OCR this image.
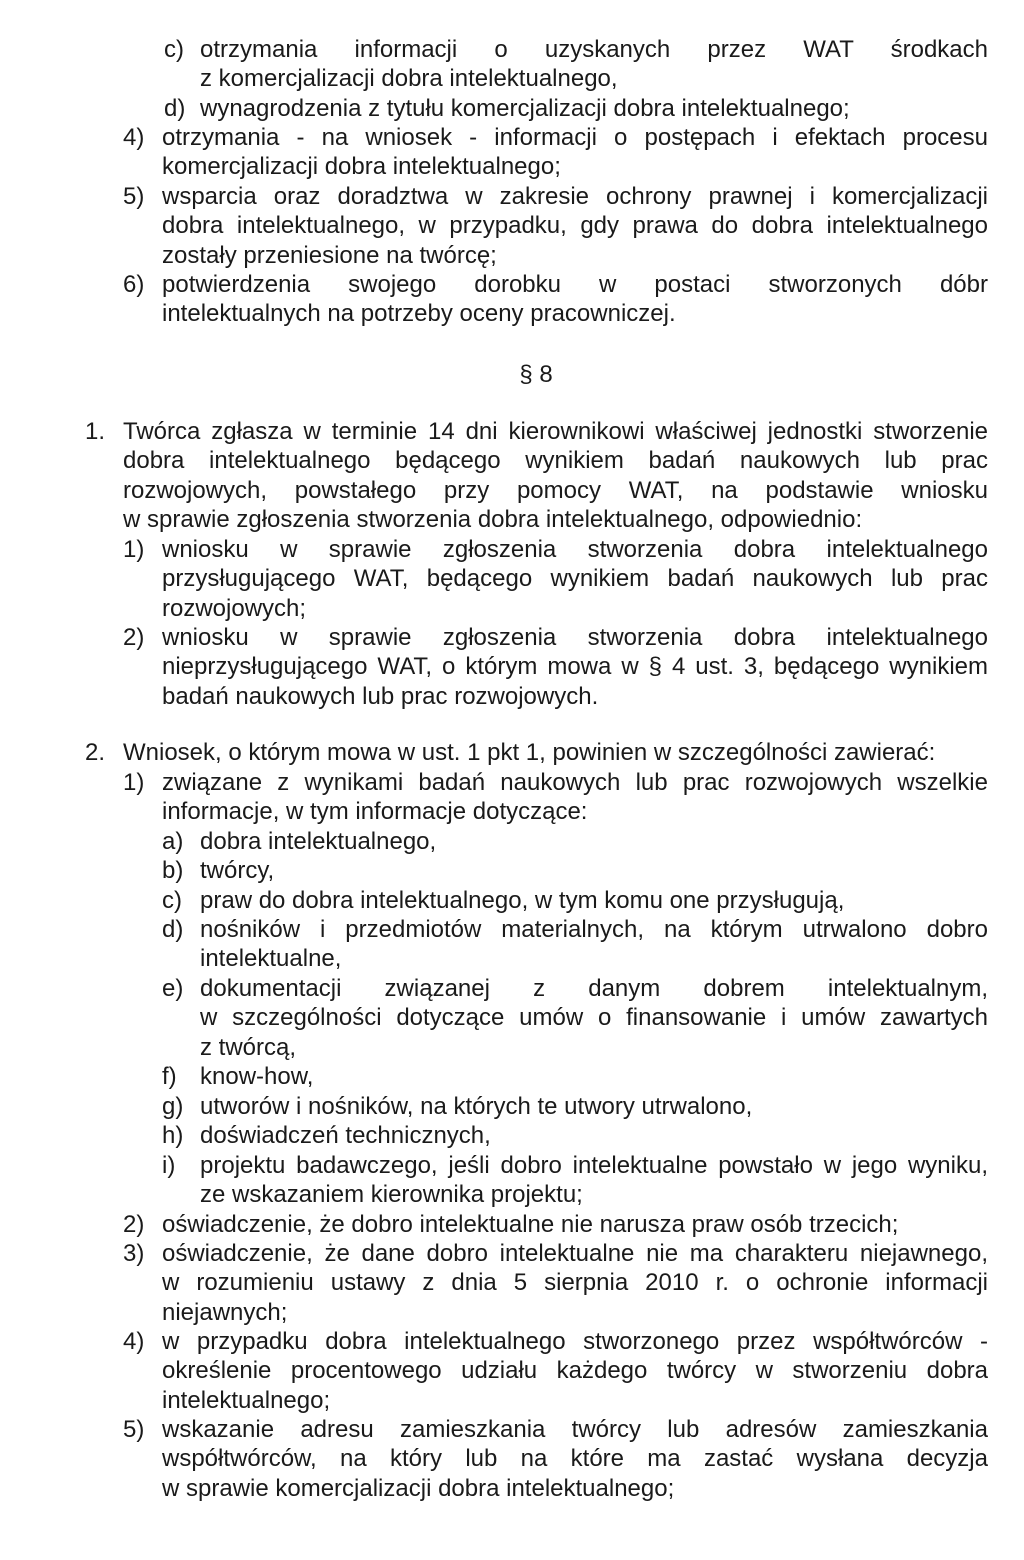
c) otrzymania informacji o uzyskanych przez WAT środkach
z komercjalizacji dobra intelektualnego,
d) wynagrodzenia z tytułu komercjalizacji dobra intelektualnego;
4) otrzymania - na wniosek - informacji o postępach i efektach procesu
komercjalizacji dobra intelektualnego;
5) wsparcia oraz doradztwa w zakresie ochrony prawnej i komercjalizacji
dobra intelektualnego, w przypadku, gdy prawa do dobra intelektualnego
zostały przeniesione na twórcę;
6) potwierdzenia swojego dorobku w postaci stworzonych dóbr
intelektualnych na potrzeby oceny pracowniczej.
§ 8
1. Twórca zgłasza w terminie 14 dni kierownikowi właściwej jednostki stworzenie
dobra intelektualnego będącego wynikiem badań naukowych lub prac
rozwojowych, powstałego przy pomocy WAT, na podstawie wniosku
w sprawie zgłoszenia stworzenia dobra intelektualnego, odpowiednio:
1) wniosku w sprawie zgłoszenia stworzenia dobra intelektualnego
przysługującego WAT, będącego wynikiem badań naukowych lub prac
rozwojowych;
2) wniosku w sprawie zgłoszenia stworzenia dobra intelektualnego
nieprzysługującego WAT, o którym mowa w § 4 ust. 3, będącego wynikiem
badań naukowych lub prac rozwojowych.
2. Wniosek, o którym mowa w ust. 1 pkt 1, powinien w szczególności zawierać:
1) związane z wynikami badań naukowych lub prac rozwojowych wszelkie
informacje, w tym informacje dotyczące:
a) dobra intelektualnego,
b) twórcy,
c) praw do dobra intelektualnego, w tym komu one przysługują,
d) nośników i przedmiotów materialnych, na którym utrwalono dobro
intelektualne,
e) dokumentacji związanej z danym dobrem intelektualnym,
w szczególności dotyczące umów o finansowanie i umów zawartych
z twórcą,
f) know-how,
g) utworów i nośników, na których te utwory utrwalono,
h) doświadczeń technicznych,
i) projektu badawczego, jeśli dobro intelektualne powstało w jego wyniku,
ze wskazaniem kierownika projektu;
2) oświadczenie, że dobro intelektualne nie narusza praw osób trzecich;
3) oświadczenie, że dane dobro intelektualne nie ma charakteru niejawnego,
w rozumieniu ustawy z dnia 5 sierpnia 2010 r. o ochronie informacji
niejawnych;
4) w przypadku dobra intelektualnego stworzonego przez współtwórców -
określenie procentowego udziału każdego twórcy w stworzeniu dobra
intelektualnego;
5) wskazanie adresu zamieszkania twórcy lub adresów zamieszkania
współtwórców, na który lub na które ma zastać wysłana decyzja
w sprawie komercjalizacji dobra intelektualnego;
